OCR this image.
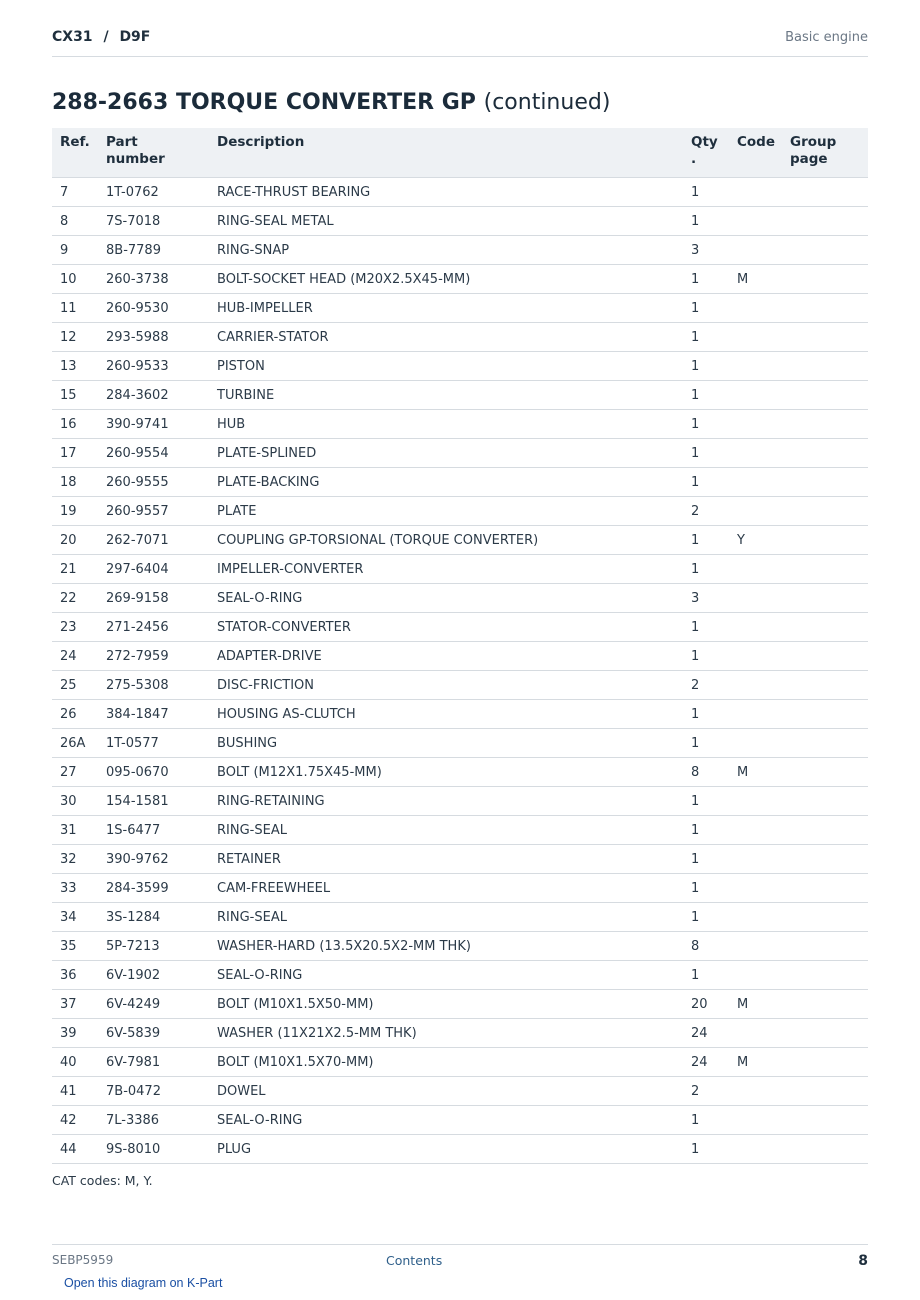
CX31 / D9F	Basic engine
288-2663 TORQUE CONVERTER GP (continued)
Ref.	Part number	Description	Qty .	Code	Group page
7	1T-0762	RACE-THRUST BEARING	1		
8	7S-7018	RING-SEAL METAL	1		
9	8B-7789	RING-SNAP	3		
10	260-3738	BOLT-SOCKET HEAD (M20X2.5X45-MM)	1	M	
11	260-9530	HUB-IMPELLER	1		
12	293-5988	CARRIER-STATOR	1		
13	260-9533	PISTON	1		
15	284-3602	TURBINE	1		
16	390-9741	HUB	1		
17	260-9554	PLATE-SPLINED	1		
18	260-9555	PLATE-BACKING	1		
19	260-9557	PLATE	2		
20	262-7071	COUPLING GP-TORSIONAL (TORQUE CONVERTER)	1	Y	
21	297-6404	IMPELLER-CONVERTER	1		
22	269-9158	SEAL-O-RING	3		
23	271-2456	STATOR-CONVERTER	1		
24	272-7959	ADAPTER-DRIVE	1		
25	275-5308	DISC-FRICTION	2		
26	384-1847	HOUSING AS-CLUTCH	1		
26A	1T-0577	BUSHING	1		
27	095-0670	BOLT (M12X1.75X45-MM)	8	M	
30	154-1581	RING-RETAINING	1		
31	1S-6477	RING-SEAL	1		
32	390-9762	RETAINER	1		
33	284-3599	CAM-FREEWHEEL	1		
34	3S-1284	RING-SEAL	1		
35	5P-7213	WASHER-HARD (13.5X20.5X2-MM THK)	8		
36	6V-1902	SEAL-O-RING	1		
37	6V-4249	BOLT (M10X1.5X50-MM)	20	M	
39	6V-5839	WASHER (11X21X2.5-MM THK)	24		
40	6V-7981	BOLT (M10X1.5X70-MM)	24	M	
41	7B-0472	DOWEL	2		
42	7L-3386	SEAL-O-RING	1		
44	9S-8010	PLUG	1		
CAT codes: M, Y.
SEBP5959	Contents	8
Open this diagram on K-Part
